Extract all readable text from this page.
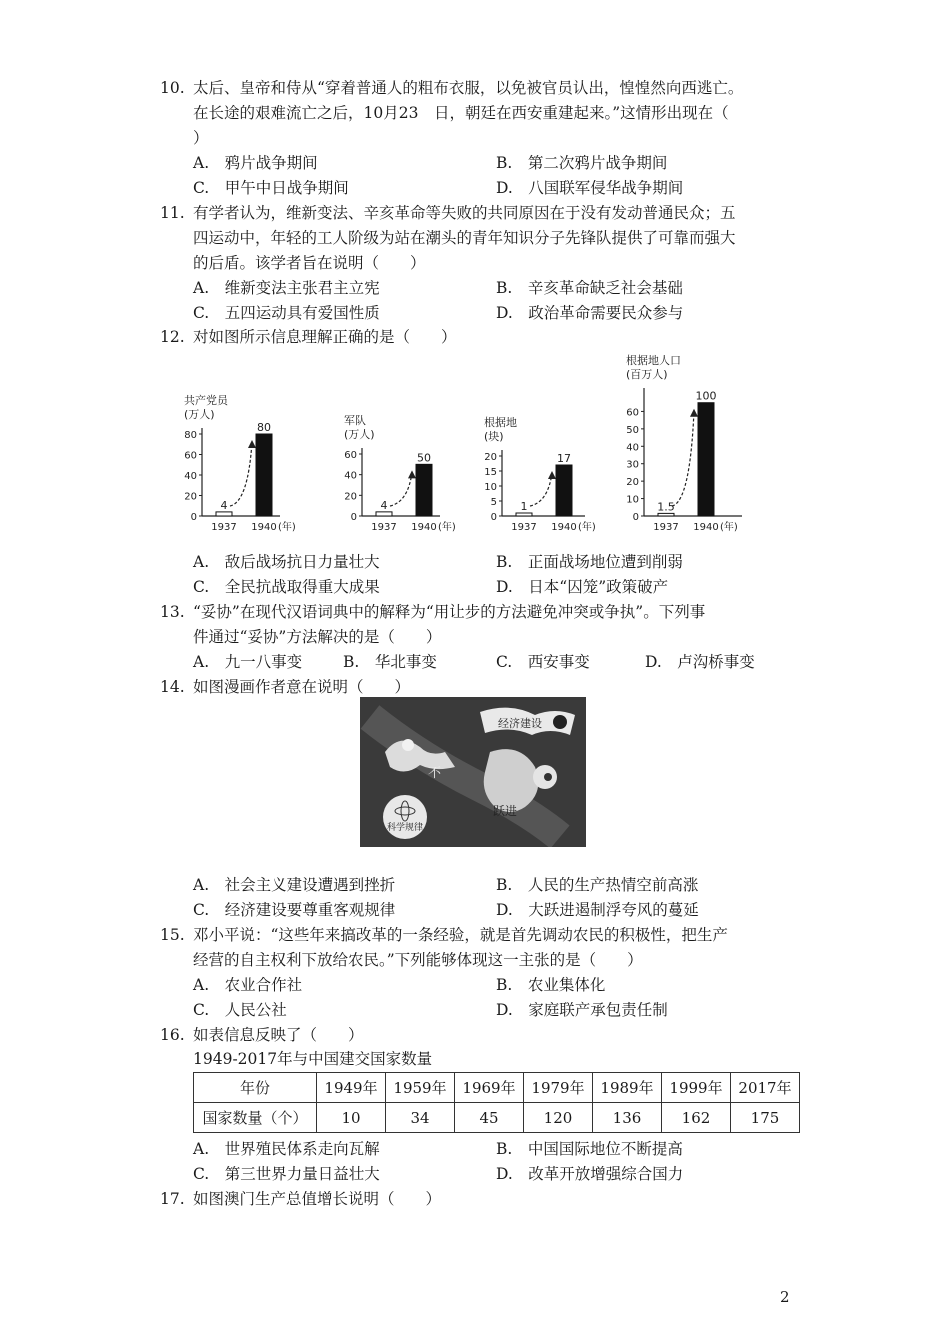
10. 太后、皇帝和侍从“穿着普通人的粗布衣服，以免被官员认出，惶惶然向西逃亡。
在长途的艰难流亡之后，10月23　日，朝廷在西安重建起来。”这情形出现在（
）
A.　鸦片战争期间	B.　第二次鸦片战争期间
C.　甲午中日战争期间	D.　八国联军侵华战争期间
11. 有学者认为，维新变法、辛亥革命等失败的共同原因在于没有发动普通民众；五
四运动中，年轻的工人阶级为站在潮头的青年知识分子先锋队提供了可靠而强大
的后盾。该学者旨在说明（　　）
A.　维新变法主张君主立宪	B.　辛亥革命缺乏社会基础
C.　五四运动具有爱国性质	D.　政治革命需要民众参与
12. 对如图所示信息理解正确的是（　　）
共产党员
(万人)
80
60
40
20
0
4
1937
80
1940 (年)
军队
(万人)
60
40
20
0
4
1937
50
1940 (年)
根据地
(块)
20
15
10
5
0
1
1937
17
1940 (年)
根据地人口
(百万人)
60
50
40
30
20
10
0
1.5
1937
100
1940 (年)
A.　敌后战场抗日力量壮大	B.　正面战场地位遭到削弱
C.　全民抗战取得重大成果	D.　日本“囚笼”政策破产
13. “妥协”在现代汉语词典中的解释为“用让步的方法避免冲突或争执”。下列事
件通过“妥协”方法解决的是（　　）
A.　九一八事变	B.　华北事变	C.　西安事变	D.　卢沟桥事变
14. 如图漫画作者意在说明（　　）
经济建设
不
跃进
科学规律
A.　社会主义建设遭遇到挫折	B.　人民的生产热情空前高涨
C.　经济建设要尊重客观规律	D.　大跃进遏制浮夸风的蔓延
15. 邓小平说：“这些年来搞改革的一条经验，就是首先调动农民的积极性，把生产
经营的自主权利下放给农民。”下列能够体现这一主张的是（　　）
A.　农业合作社	B.　农业集体化
C.　人民公社	D.　家庭联产承包责任制
16. 如表信息反映了（　　）
1949-2017年与中国建交国家数量
年份	1949年	1959年	1969年	1979年	1989年	1999年	2017年
国家数量（个）	10	34	45	120	136	162	175
A.　世界殖民体系走向瓦解	B.　中国国际地位不断提高
C.　第三世界力量日益壮大	D.　改革开放增强综合国力
17. 如图澳门生产总值增长说明（　　）
2
